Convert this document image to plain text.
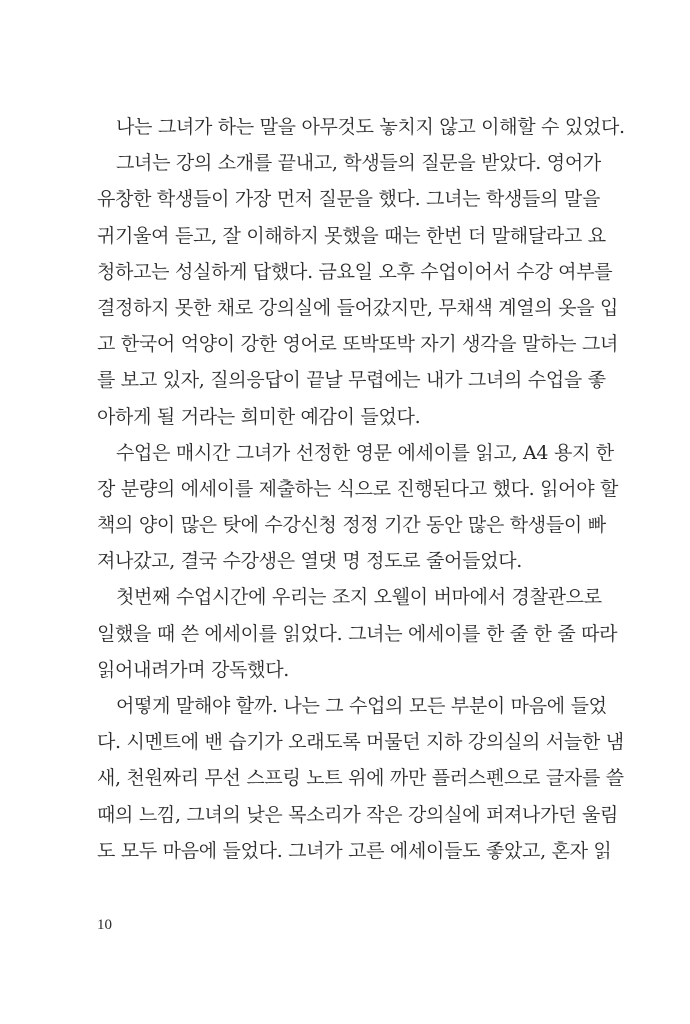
나는 그녀가 하는 말을 아무것도 놓치지 않고 이해할 수 있었다.
그녀는 강의 소개를 끝내고, 학생들의 질문을 받았다. 영어가
유창한 학생들이 가장 먼저 질문을 했다. 그녀는 학생들의 말을
귀기울여 듣고, 잘 이해하지 못했을 때는 한번 더 말해달라고 요
청하고는 성실하게 답했다. 금요일 오후 수업이어서 수강 여부를
결정하지 못한 채로 강의실에 들어갔지만, 무채색 계열의 옷을 입
고 한국어 억양이 강한 영어로 또박또박 자기 생각을 말하는 그녀
를 보고 있자, 질의응답이 끝날 무렵에는 내가 그녀의 수업을 좋
아하게 될 거라는 희미한 예감이 들었다.
수업은 매시간 그녀가 선정한 영문 에세이를 읽고, A4 용지 한
장 분량의 에세이를 제출하는 식으로 진행된다고 했다. 읽어야 할
책의 양이 많은 탓에 수강신청 정정 기간 동안 많은 학생들이 빠
져나갔고, 결국 수강생은 열댓 명 정도로 줄어들었다.
첫번째 수업시간에 우리는 조지 오웰이 버마에서 경찰관으로
일했을 때 쓴 에세이를 읽었다. 그녀는 에세이를 한 줄 한 줄 따라
읽어내려가며 강독했다.
어떻게 말해야 할까. 나는 그 수업의 모든 부분이 마음에 들었
다. 시멘트에 밴 습기가 오래도록 머물던 지하 강의실의 서늘한 냄
새, 천원짜리 무선 스프링 노트 위에 까만 플러스펜으로 글자를 쓸
때의 느낌, 그녀의 낮은 목소리가 작은 강의실에 퍼져나가던 울림
도 모두 마음에 들었다. 그녀가 고른 에세이들도 좋았고, 혼자 읽
10
